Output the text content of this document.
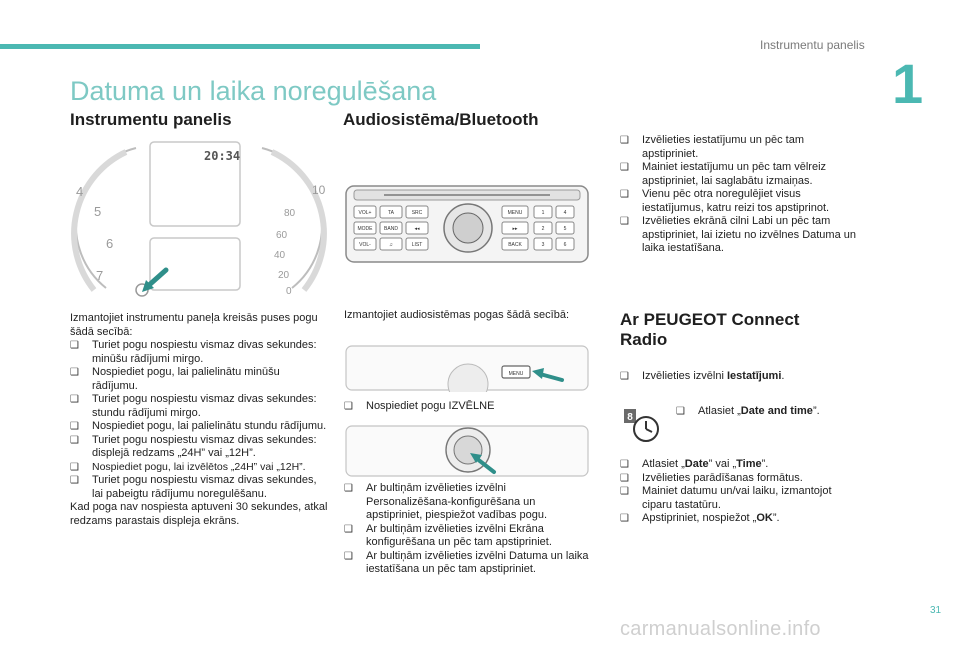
Instrumentu panelis
1
Datuma un laika noregulēšana
Instrumentu panelis
4
5
6
7
10
80
60
40
20
0
20:34

Izmantojiet instrumentu paneļa kreisās puses pogu šādā secībā:

❑ Turiet pogu nospiestu vismaz divas sekundes: minūšu rādījumi mirgo.
❑ Nospiediet pogu, lai palielinātu minūšu rādījumu.
❑ Turiet pogu nospiestu vismaz divas sekundes: stundu rādījumi mirgo.
❑ Nospiediet pogu, lai palielinātu stundu rādījumu.
❑ Turiet pogu nospiestu vismaz divas sekundes: displejā redzams „24H” vai „12H”.
❑ Nospiediet pogu, lai izvēlētos „24H” vai „12H”.
❑ Turiet pogu nospiestu vismaz divas sekundes, lai pabeigtu rādījumu noregulēšanu.

Kad poga nav nospiesta aptuveni 30 sekundes, atkal redzams parastais displeja ekrāns.

Audiosistēma/Bluetooth
VOL+	TA	SRC
MODE BAND	◂◂
VOL-	♫	LIST
MENU
▸▸
BACK
1	4
2	5
3	6
Izmantojiet audiosistēmas pogas šādā secībā:
MENU
❑ Nospiediet pogu IZVĒLNE
❑ Ar bultiņām izvēlieties izvēlni Personalizēšana-konfigurēšana un apstipriniet, piespiežot vadības pogu.
❑ Ar bultiņām izvēlieties izvēlni Ekrāna konfigurēšana un pēc tam apstipriniet.
❑ Ar bultiņām izvēlieties izvēlni Datuma un laika iestatīšana un pēc tam apstipriniet.
❑ Izvēlieties iestatījumu un pēc tam apstipriniet.
❑ Mainiet iestatījumu un pēc tam vēlreiz apstipriniet, lai saglabātu izmaiņas.
❑ Vienu pēc otra noregulējiet visus iestatījumus, katru reizi tos apstiprinot.
❑ Izvēlieties ekrānā cilni Labi un pēc tam apstipriniet, lai izietu no izvēlnes Datuma un laika iestatīšana.
Ar PEUGEOT Connect Radio
❑ Izvēlieties izvēlni Iestatījumi.
8
❑ Atlasiet „Date and time”.
❑ Atlasiet „Date” vai „Time”.
❑ Izvēlieties parādīšanas formātus.
❑ Mainiet datumu un/vai laiku, izmantojot ciparu tastatūru.
❑ Apstipriniet, nospiežot „OK”.
31
carmanualsonline.info
